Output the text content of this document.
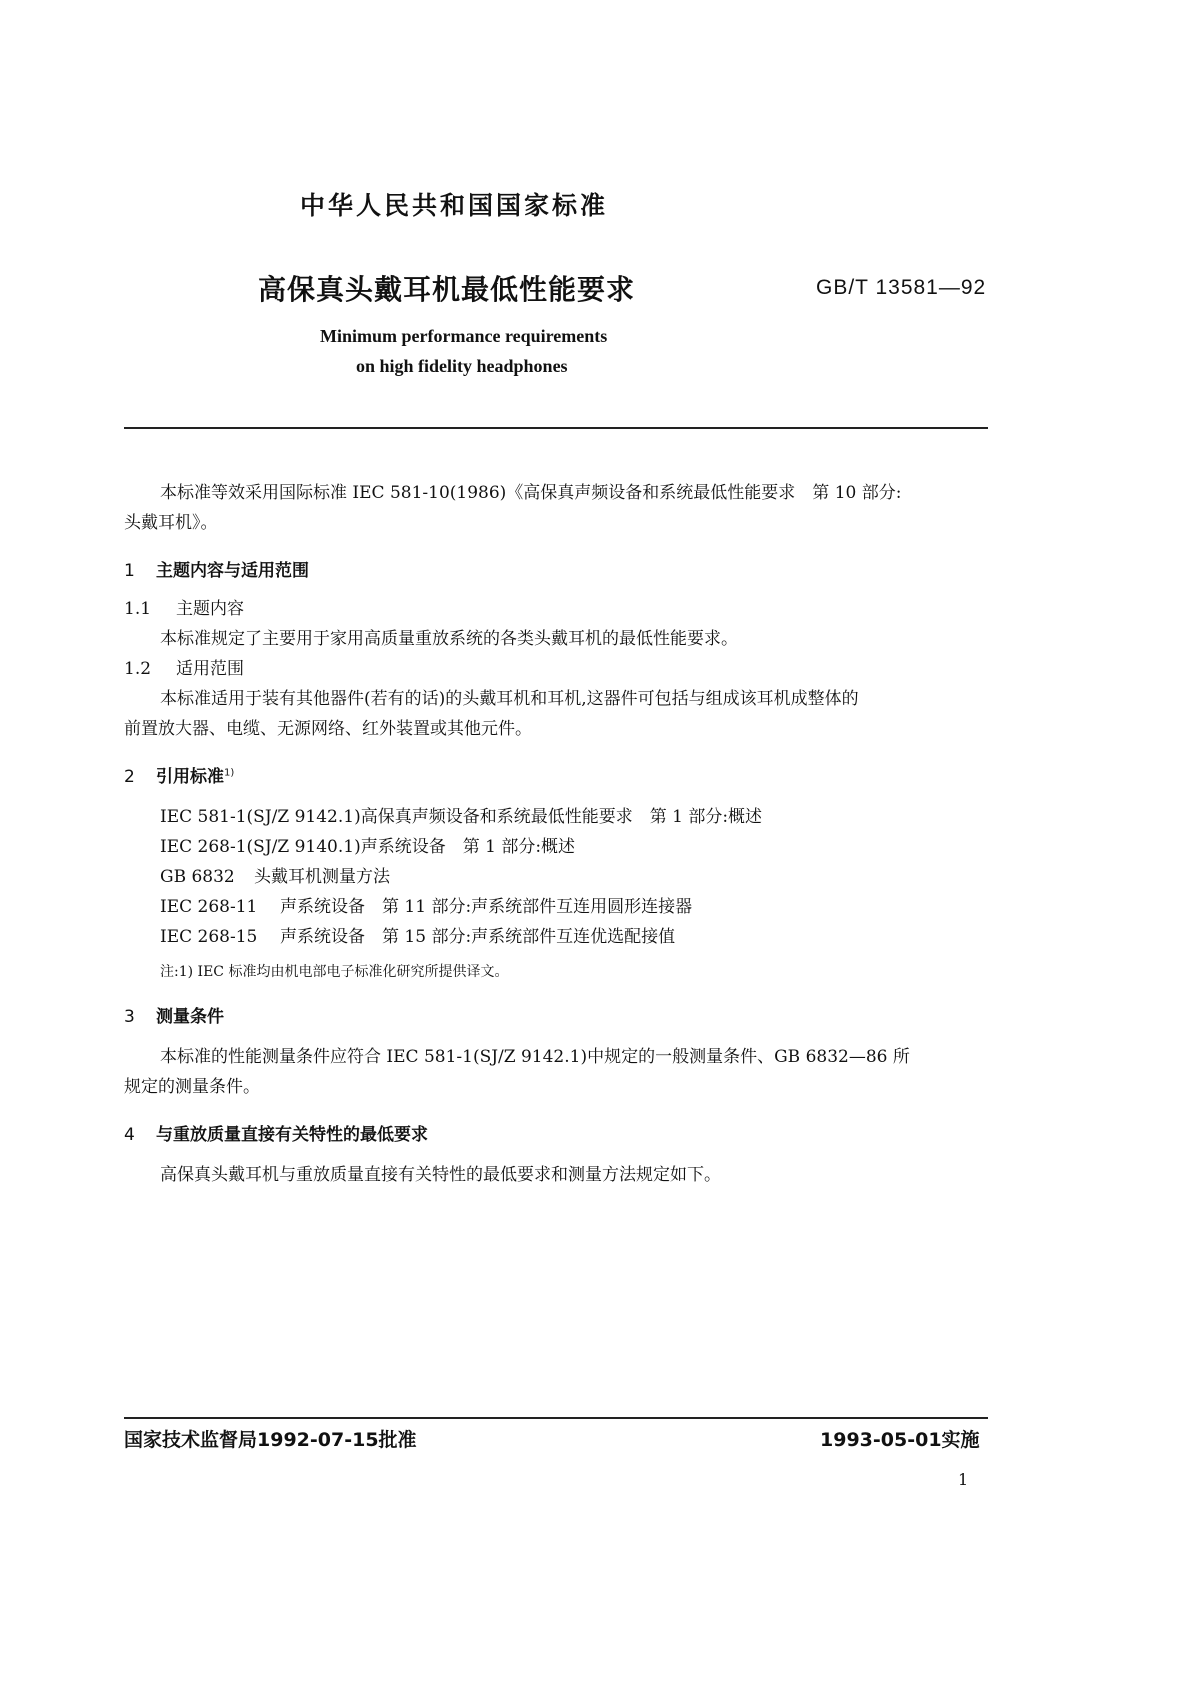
中华人民共和国国家标准
高保真头戴耳机最低性能要求	GB/T 13581—92
Minimum performance requirements
on high fidelity headphones
本标准等效采用国际标准 IEC 581-10(1986)《高保真声频设备和系统最低性能要求　第 10 部分:
头戴耳机》。
1 主题内容与适用范围
1.1 主题内容
本标准规定了主要用于家用高质量重放系统的各类头戴耳机的最低性能要求。
1.2 适用范围
本标准适用于装有其他器件(若有的话)的头戴耳机和耳机,这器件可包括与组成该耳机成整体的
前置放大器、电缆、无源网络、红外装置或其他元件。
2 引用标准$^{1)}$
IEC 581-1(SJ/Z 9142.1)高保真声频设备和系统最低性能要求　第 1 部分:概述
IEC 268-1(SJ/Z 9140.1)声系统设备　第 1 部分:概述
GB 6832 头戴耳机测量方法
IEC 268-11 声系统设备　第 11 部分:声系统部件互连用圆形连接器
IEC 268-15 声系统设备　第 15 部分:声系统部件互连优选配接值
注:1) IEC 标准均由机电部电子标准化研究所提供译文。
3 测量条件
本标准的性能测量条件应符合 IEC 581-1(SJ/Z 9142.1)中规定的一般测量条件、GB 6832—86 所
规定的测量条件。
4 与重放质量直接有关特性的最低要求
高保真头戴耳机与重放质量直接有关特性的最低要求和测量方法规定如下。
国家技术监督局1992-07-15批准	1993-05-01实施
1
